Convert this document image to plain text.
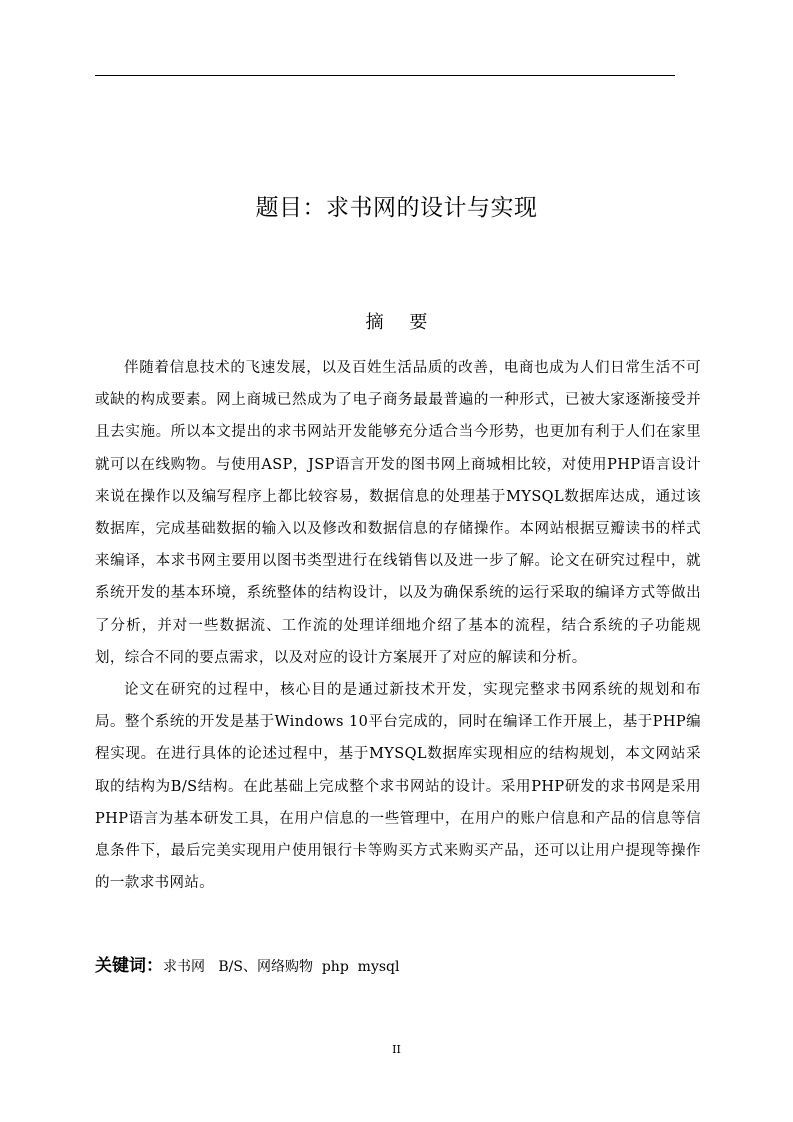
题目：求书网的设计与实现
摘 要

伴随着信息技术的飞速发展，以及百姓生活品质的改善，电商也成为人们日常生活不可或缺的构成要素。网上商城已然成为了电子商务最最普遍的一种形式，已被大家逐渐接受并且去实施。所以本文提出的求书网站开发能够充分适合当今形势，也更加有利于人们在家里就可以在线购物。与使用ASP，JSP语言开发的图书网上商城相比较，对使用PHP语言设计来说在操作以及编写程序上都比较容易，数据信息的处理基于MYSQL数据库达成，通过该数据库，完成基础数据的输入以及修改和数据信息的存储操作。本网站根据豆瓣读书的样式来编译，本求书网主要用以图书类型进行在线销售以及进一步了解。论文在研究过程中，就系统开发的基本环境，系统整体的结构设计，以及为确保系统的运行采取的编译方式等做出了分析，并对一些数据流、工作流的处理详细地介绍了基本的流程，结合系统的子功能规划，综合不同的要点需求，以及对应的设计方案展开了对应的解读和分析。

论文在研究的过程中，核心目的是通过新技术开发，实现完整求书网系统的规划和布局。整个系统的开发是基于Windows 10平台完成的，同时在编译工作开展上，基于PHP编程实现。在进行具体的论述过程中，基于MYSQL数据库实现相应的结构规划，本文网站采取的结构为B/S结构。在此基础上完成整个求书网站的设计。采用PHP研发的求书网是采用PHP语言为基本研发工具，在用户信息的一些管理中，在用户的账户信息和产品的信息等信息条件下，最后完美实现用户使用银行卡等购买方式来购买产品，还可以让用户提现等操作的一款求书网站。

关键词：求书网   B/S、网络购物  php  mysql
II
